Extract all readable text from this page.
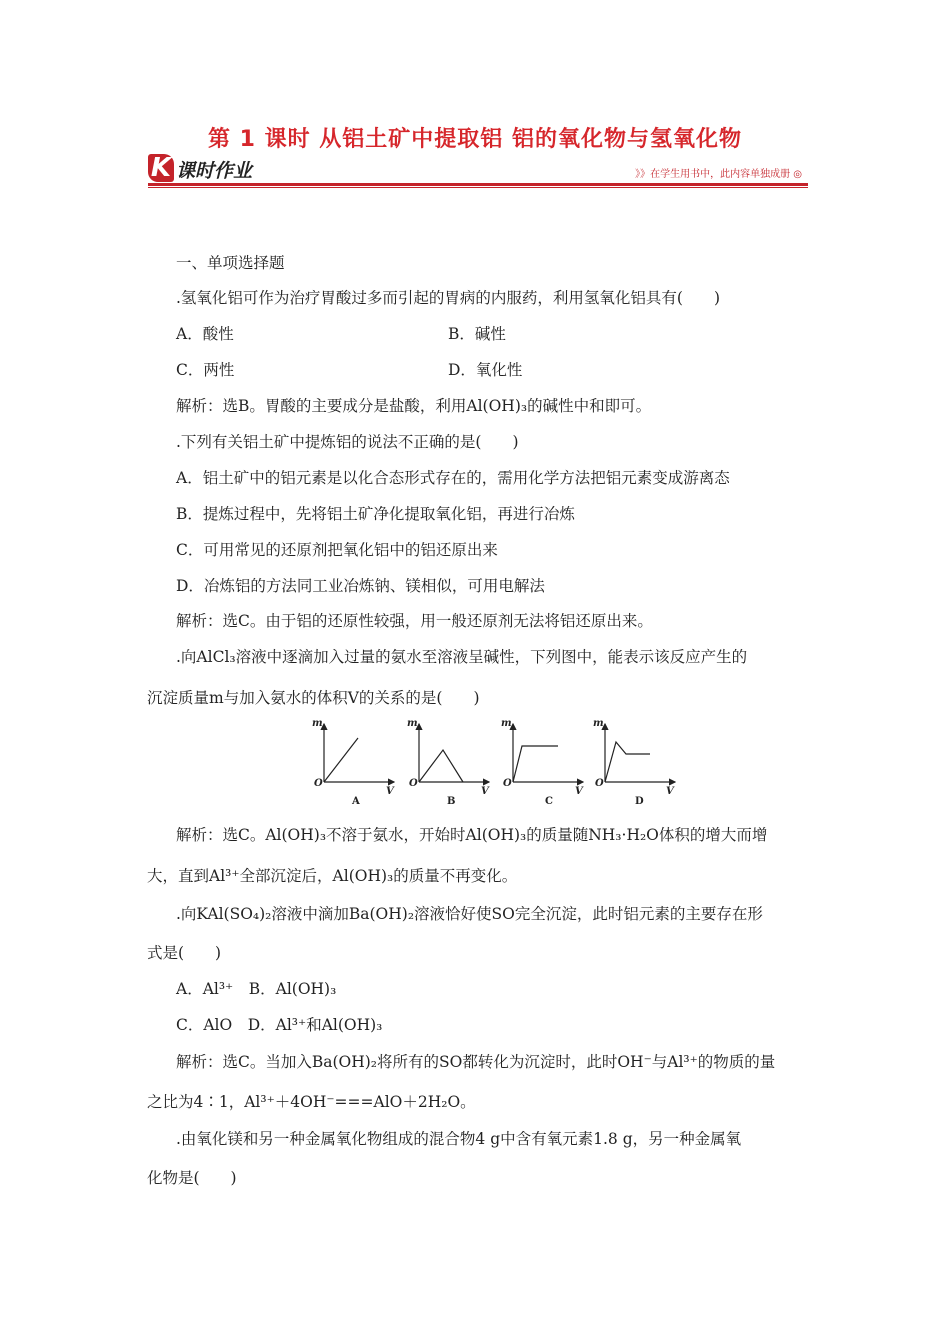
第 1 课时 从铝土矿中提取铝 铝的氧化物与氢氧化物
K 课时作业	》》在学生用书中，此内容单独成册 ◎
一、单项选择题
.氢氧化铝可作为治疗胃酸过多而引起的胃病的内服药，利用氢氧化铝具有(　　)
A．酸性	B．碱性
C．两性	D．氧化性
解析：选B。胃酸的主要成分是盐酸，利用Al(OH)₃的碱性中和即可。
.下列有关铝土矿中提炼铝的说法不正确的是(　　)
A．铝土矿中的铝元素是以化合态形式存在的，需用化学方法把铝元素变成游离态
B．提炼过程中，先将铝土矿净化提取氧化铝，再进行冶炼
C．可用常见的还原剂把氧化铝中的铝还原出来
D．冶炼铝的方法同工业冶炼钠、镁相似，可用电解法
解析：选C。由于铝的还原性较强，用一般还原剂无法将铝还原出来。
.向AlCl₃溶液中逐滴加入过量的氨水至溶液呈碱性，下列图中，能表示该反应产生的
沉淀质量m与加入氨水的体积V的关系的是(　　)
m
V
O
A
m
V
O
B
m
V
O
C
m
V
O
D
解析：选C。Al(OH)₃不溶于氨水，开始时Al(OH)₃的质量随NH₃·H₂O体积的增大而增
大，直到Al³⁺全部沉淀后，Al(OH)₃的质量不再变化。
.向KAl(SO₄)₂溶液中滴加Ba(OH)₂溶液恰好使SO完全沉淀，此时铝元素的主要存在形
式是(　　)
A．Al³⁺　B．Al(OH)₃
C．AlO　D．Al³⁺和Al(OH)₃
解析：选C。当加入Ba(OH)₂将所有的SO都转化为沉淀时，此时OH⁻与Al³⁺的物质的量
之比为4∶1，Al³⁺＋4OH⁻===AlO＋2H₂O。
.由氧化镁和另一种金属氧化物组成的混合物4 g中含有氧元素1.8 g，另一种金属氧
化物是(　　)
